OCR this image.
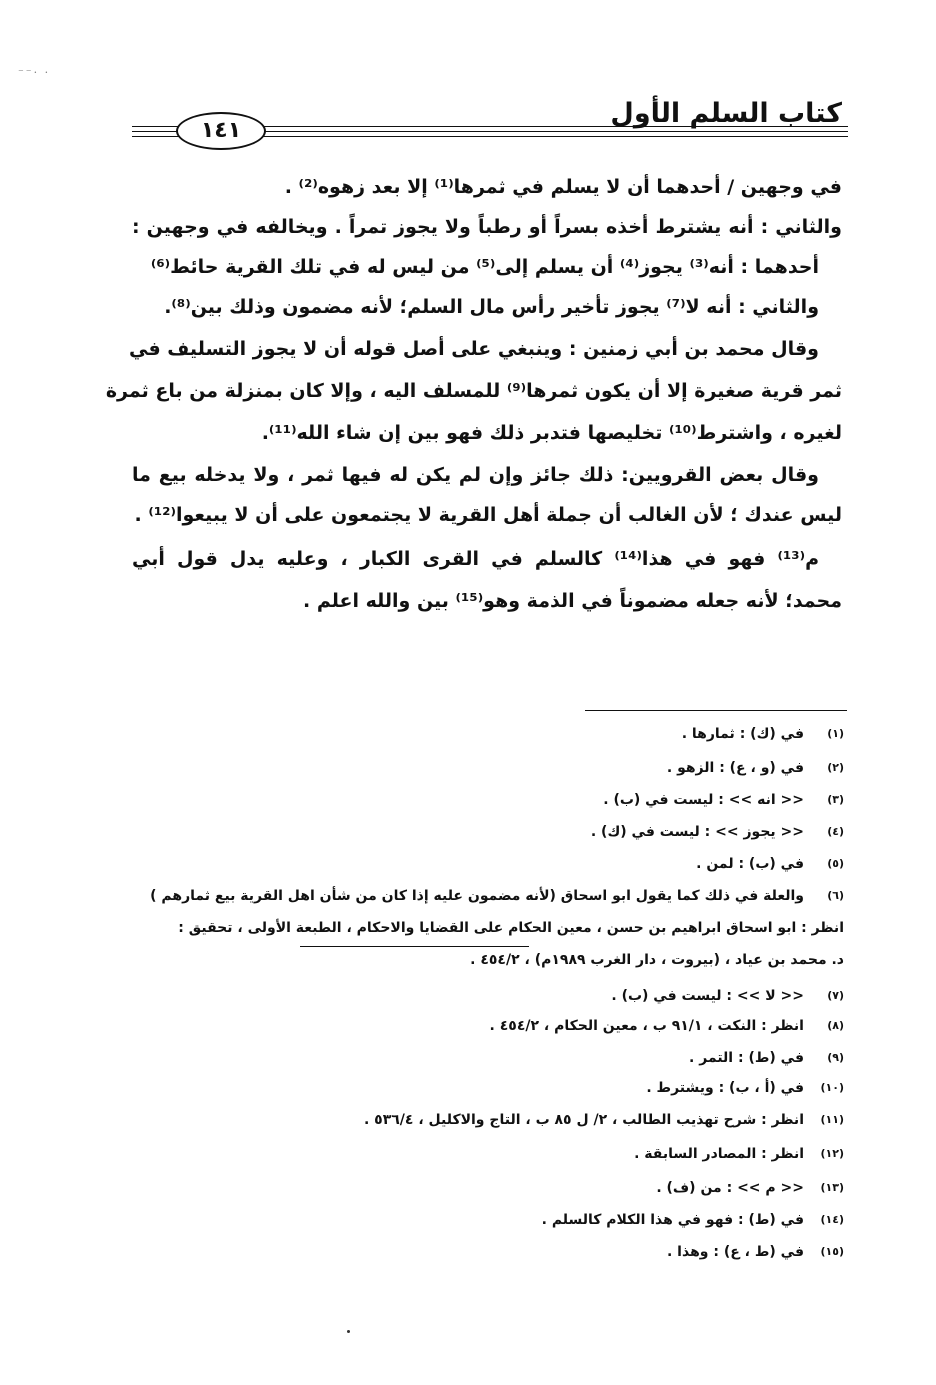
⁻⁻· ·
كتاب السلم الأول
١٤١
في وجهين / أحدهما أن لا يسلم في ثمرها⁽¹⁾ إلا بعد زهوه⁽²⁾ .
والثاني : أنه يشترط أخذه بسراً أو رطباً ولا يجوز تمراً . ويخالفه في وجهين :
أحدهما : أنه⁽³⁾ يجوز⁽⁴⁾ أن يسلم إلى⁽⁵⁾ من ليس له في تلك القرية حائط⁽⁶⁾
والثاني : أنه لا⁽⁷⁾ يجوز تأخير رأس مال السلم؛ لأنه مضمون وذلك بين⁽⁸⁾.
وقال محمد بن أبي زمنين : وينبغي على أصل قوله أن لا يجوز التسليف في
ثمر قرية صغيرة إلا أن يكون ثمرها⁽⁹⁾ للمسلف اليه ، وإلا كان بمنزلة من باع ثمرة
لغيره ، واشترط⁽¹⁰⁾ تخليصها فتدبر ذلك فهو بين إن شاء الله⁽¹¹⁾.
وقال بعض القرويين: ذلك جائز وإن لم يكن له فيها ثمر ، ولا يدخله بيع ما
ليس عندك ؛ لأن الغالب أن جملة أهل القرية لا يجتمعون على أن لا يبيعوا⁽¹²⁾ .
م⁽¹³⁾ فهو في هذا⁽¹⁴⁾ كالسلم في القرى الكبار ، وعليه يدل قول أبي
محمد؛ لأنه جعله مضموناً في الذمة وهو⁽¹⁵⁾ بين والله اعلم .
(١)في (ك) : ثمارها .
(٢)في (و ، ع) : الزهو .
(٣)<< انه >> : ليست في (ب) .
(٤)<< يجوز >> : ليست في (ك) .
(٥)في (ب) : لمن .
(٦)والعلة في ذلك كما يقول ابو اسحاق (لأنه مضمون عليه إذا كان من شأن اهل القرية بيع ثمارهم )
انظر : ابو اسحاق ابراهيم بن حسن ، معين الحكام على القضايا والاحكام ، الطبعة الأولى ، تحقيق :
د. محمد بن عياد ، (بيروت ، دار الغرب ١٩٨٩م) ، ٤٥٤/٢ .
(٧)<< لا >> : ليست في (ب) .
(٨)انظر : النكت ، ٩١/١ ب ، معين الحكام ، ٤٥٤/٢ .
(٩)في (ط) : التمر .
(١٠)في (أ ، ب) : ويشترط .
(١١)انظر : شرح تهذيب الطالب ، ٢/ ل ٨٥ ب ، التاج والاكليل ، ٥٣٦/٤ .
(١٢)انظر : المصادر السابقة .
(١٣)<< م >> : من (ف) .
(١٤)في (ط) : فهو في هذا الكلام كالسلم .
(١٥)في (ط ، ع) : وهذا .
